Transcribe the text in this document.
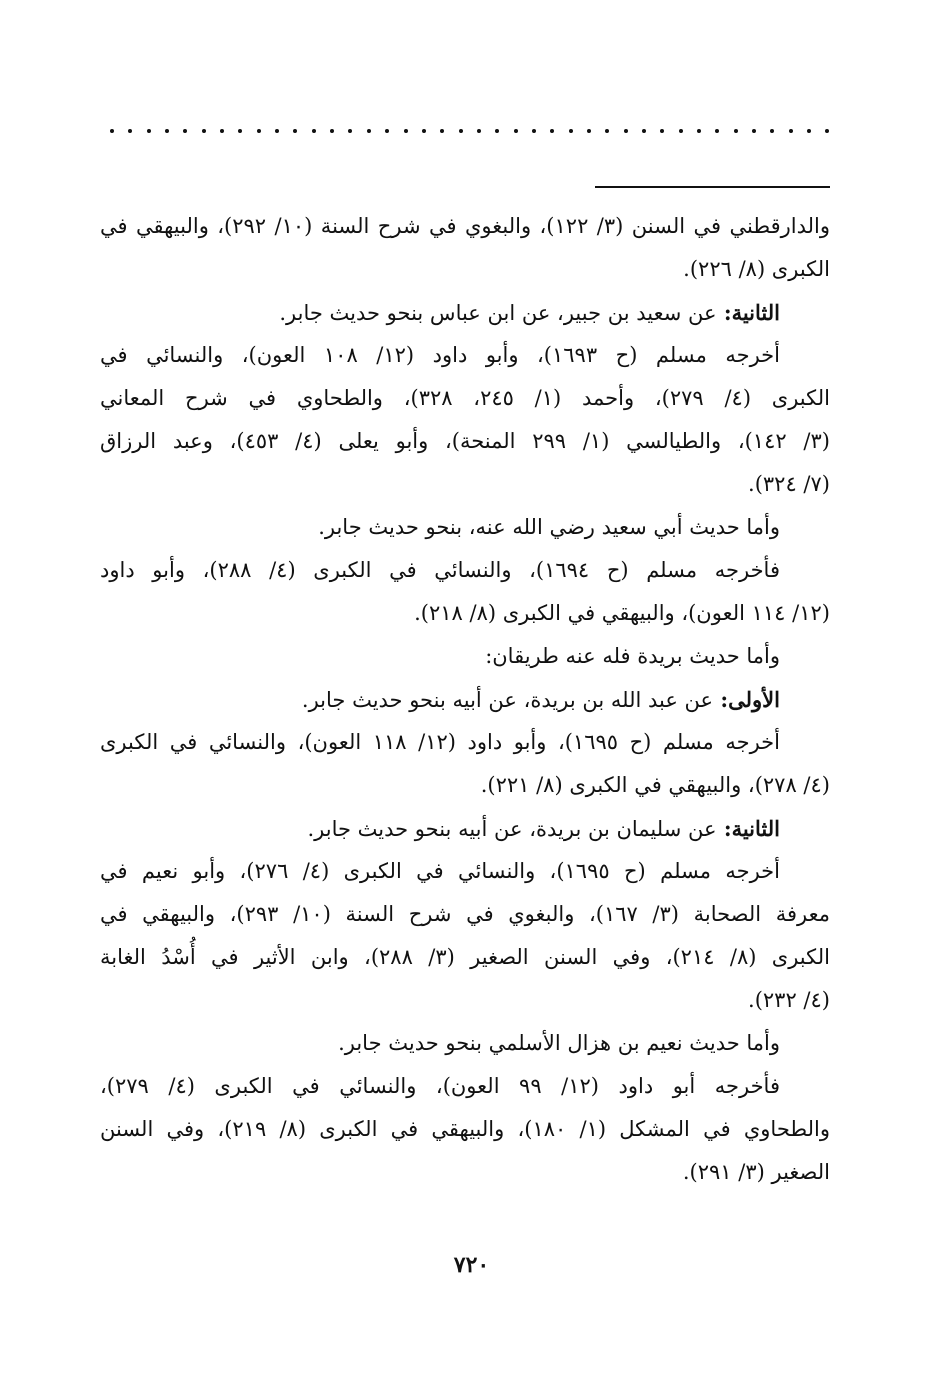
والدارقطني في السنن (٣/ ١٢٢)، والبغوي في شرح السنة (١٠/ ٢٩٢)، والبيهقي في
الكبرى (٨/ ٢٢٦).
الثانية: عن سعيد بن جبير، عن ابن عباس بنحو حديث جابر.
أخرجه مسلم (ح ١٦٩٣)، وأبو داود (١٢/ ١٠٨ العون)، والنسائي في
الكبرى (٤/ ٢٧٩)، وأحمد (١/ ٢٤٥، ٣٢٨)، والطحاوي في شرح المعاني
(٣/ ١٤٢)، والطيالسي (١/ ٢٩٩ المنحة)، وأبو يعلى (٤/ ٤٥٣)، وعبد الرزاق
(٧/ ٣٢٤).
وأما حديث أبي سعيد رضي الله عنه، بنحو حديث جابر.
فأخرجه مسلم (ح ١٦٩٤)، والنسائي في الكبرى (٤/ ٢٨٨)، وأبو داود
(١٢/ ١١٤ العون)، والبيهقي في الكبرى (٨/ ٢١٨).
وأما حديث بريدة فله عنه طريقان:
الأولى: عن عبد الله بن بريدة، عن أبيه بنحو حديث جابر.
أخرجه مسلم (ح ١٦٩٥)، وأبو داود (١٢/ ١١٨ العون)، والنسائي في الكبرى
(٤/ ٢٧٨)، والبيهقي في الكبرى (٨/ ٢٢١).
الثانية: عن سليمان بن بريدة، عن أبيه بنحو حديث جابر.
أخرجه مسلم (ح ١٦٩٥)، والنسائي في الكبرى (٤/ ٢٧٦)، وأبو نعيم في
معرفة الصحابة (٣/ ١٦٧)، والبغوي في شرح السنة (١٠/ ٢٩٣)، والبيهقي في
الكبرى (٨/ ٢١٤)، وفي السنن الصغير (٣/ ٢٨٨)، وابن الأثير في أُسْدُ الغابة
(٤/ ٢٣٢).
وأما حديث نعيم بن هزال الأسلمي بنحو حديث جابر.
فأخرجه أبو داود (١٢/ ٩٩ العون)، والنسائي في الكبرى (٤/ ٢٧٩)،
والطحاوي في المشكل (١/ ١٨٠)، والبيهقي في الكبرى (٨/ ٢١٩)، وفي السنن
الصغير (٣/ ٢٩١).
٧٢٠
